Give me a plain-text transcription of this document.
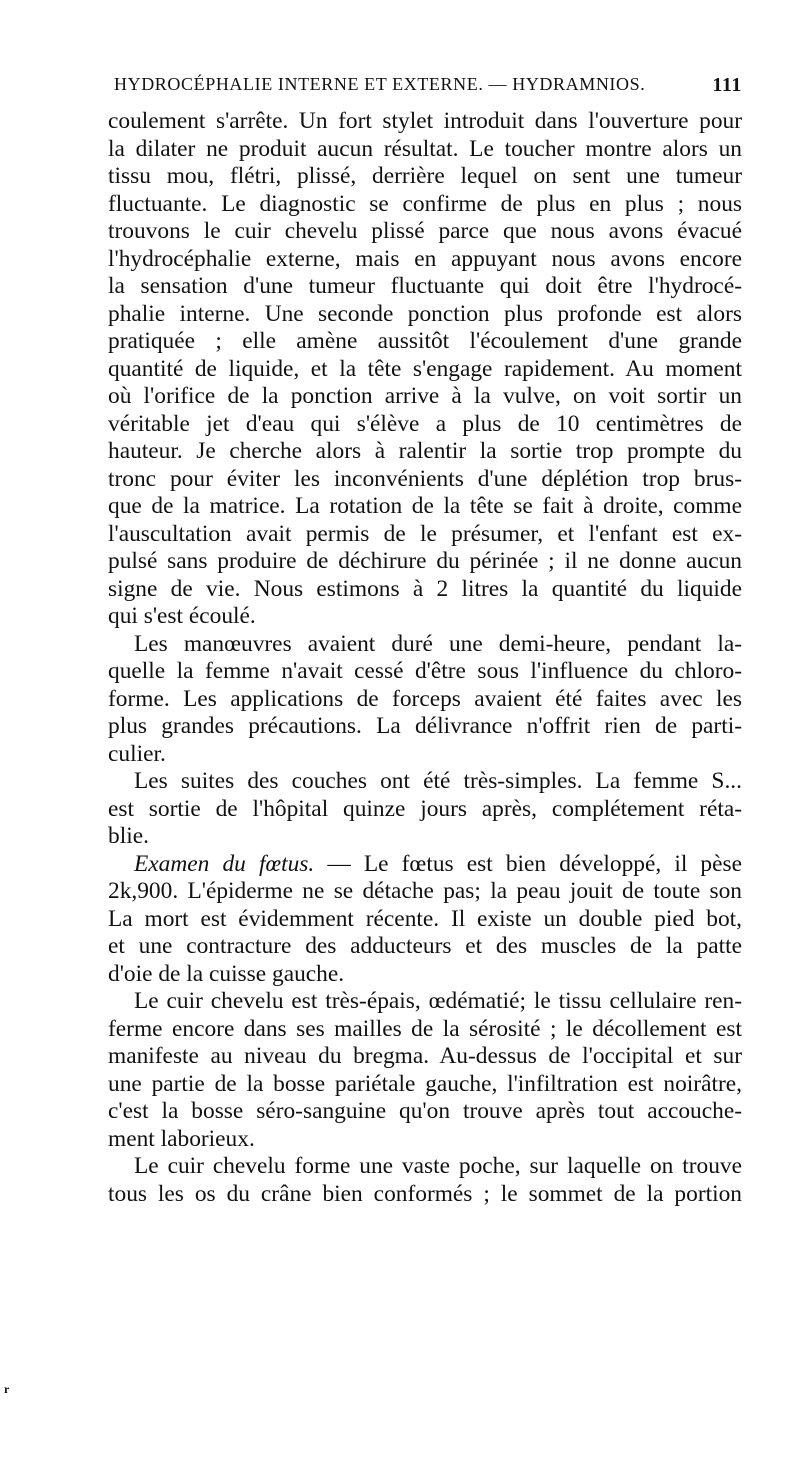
HYDROCÉPHALIE INTERNE ET EXTERNE. — HYDRAMNIOS.	111
coulement s'arrête. Un fort stylet introduit dans l'ouverture pour
la dilater ne produit aucun résultat. Le toucher montre alors un
tissu mou, flétri, plissé, derrière lequel on sent une tumeur
fluctuante. Le diagnostic se confirme de plus en plus ; nous
trouvons le cuir chevelu plissé parce que nous avons évacué
l'hydrocéphalie externe, mais en appuyant nous avons encore
la sensation d'une tumeur fluctuante qui doit être l'hydrocé-
phalie interne. Une seconde ponction plus profonde est alors
pratiquée ; elle amène aussitôt l'écoulement d'une grande
quantité de liquide, et la tête s'engage rapidement. Au moment
où l'orifice de la ponction arrive à la vulve, on voit sortir un
véritable jet d'eau qui s'élève a plus de 10 centimètres de
hauteur. Je cherche alors à ralentir la sortie trop prompte du
tronc pour éviter les inconvénients d'une déplétion trop brus-
que de la matrice. La rotation de la tête se fait à droite, comme
l'auscultation avait permis de le présumer, et l'enfant est ex-
pulsé sans produire de déchirure du périnée ; il ne donne aucun
signe de vie. Nous estimons à 2 litres la quantité du liquide
qui s'est écoulé.
Les manœuvres avaient duré une demi-heure, pendant la-
quelle la femme n'avait cessé d'être sous l'influence du chloro-
forme. Les applications de forceps avaient été faites avec les
plus grandes précautions. La délivrance n'offrit rien de parti-
culier.
Les suites des couches ont été très-simples. La femme S...
est sortie de l'hôpital quinze jours après, complétement réta-
blie.
Examen du fœtus. — Le fœtus est bien développé, il pèse
2k,900. L'épiderme ne se détache pas; la peau jouit de toute son
La mort est évidemment récente. Il existe un double pied bot,
et une contracture des adducteurs et des muscles de la patte
d'oie de la cuisse gauche.
Le cuir chevelu est très-épais, œdématié; le tissu cellulaire ren-
ferme encore dans ses mailles de la sérosité ; le décollement est
manifeste au niveau du bregma. Au-dessus de l'occipital et sur
une partie de la bosse pariétale gauche, l'infiltration est noirâtre,
c'est la bosse séro-sanguine qu'on trouve après tout accouche-
ment laborieux.
Le cuir chevelu forme une vaste poche, sur laquelle on trouve
tous les os du crâne bien conformés ; le sommet de la portion
r
